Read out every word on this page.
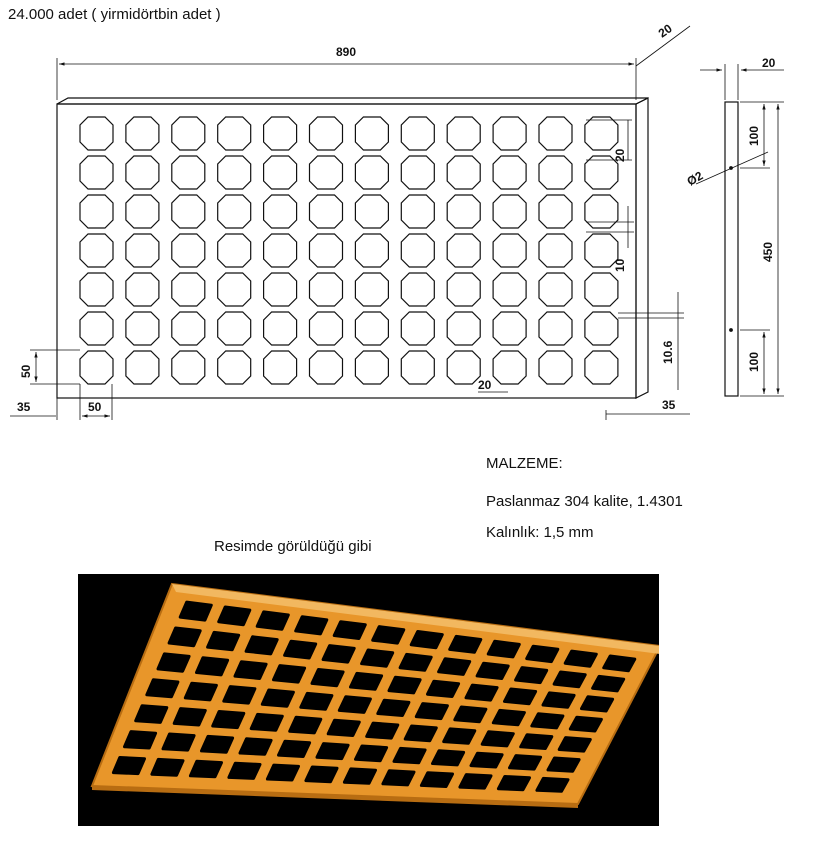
24.000 adet ( yirmidörtbin adet )
890
20
20
10
10.6
20
50
35	50	35
20
100
Ø2
450
100
MALZEME:
Paslanmaz 304 kalite, 1.4301
Kalınlık: 1,5 mm
Resimde görüldüğü gibi
